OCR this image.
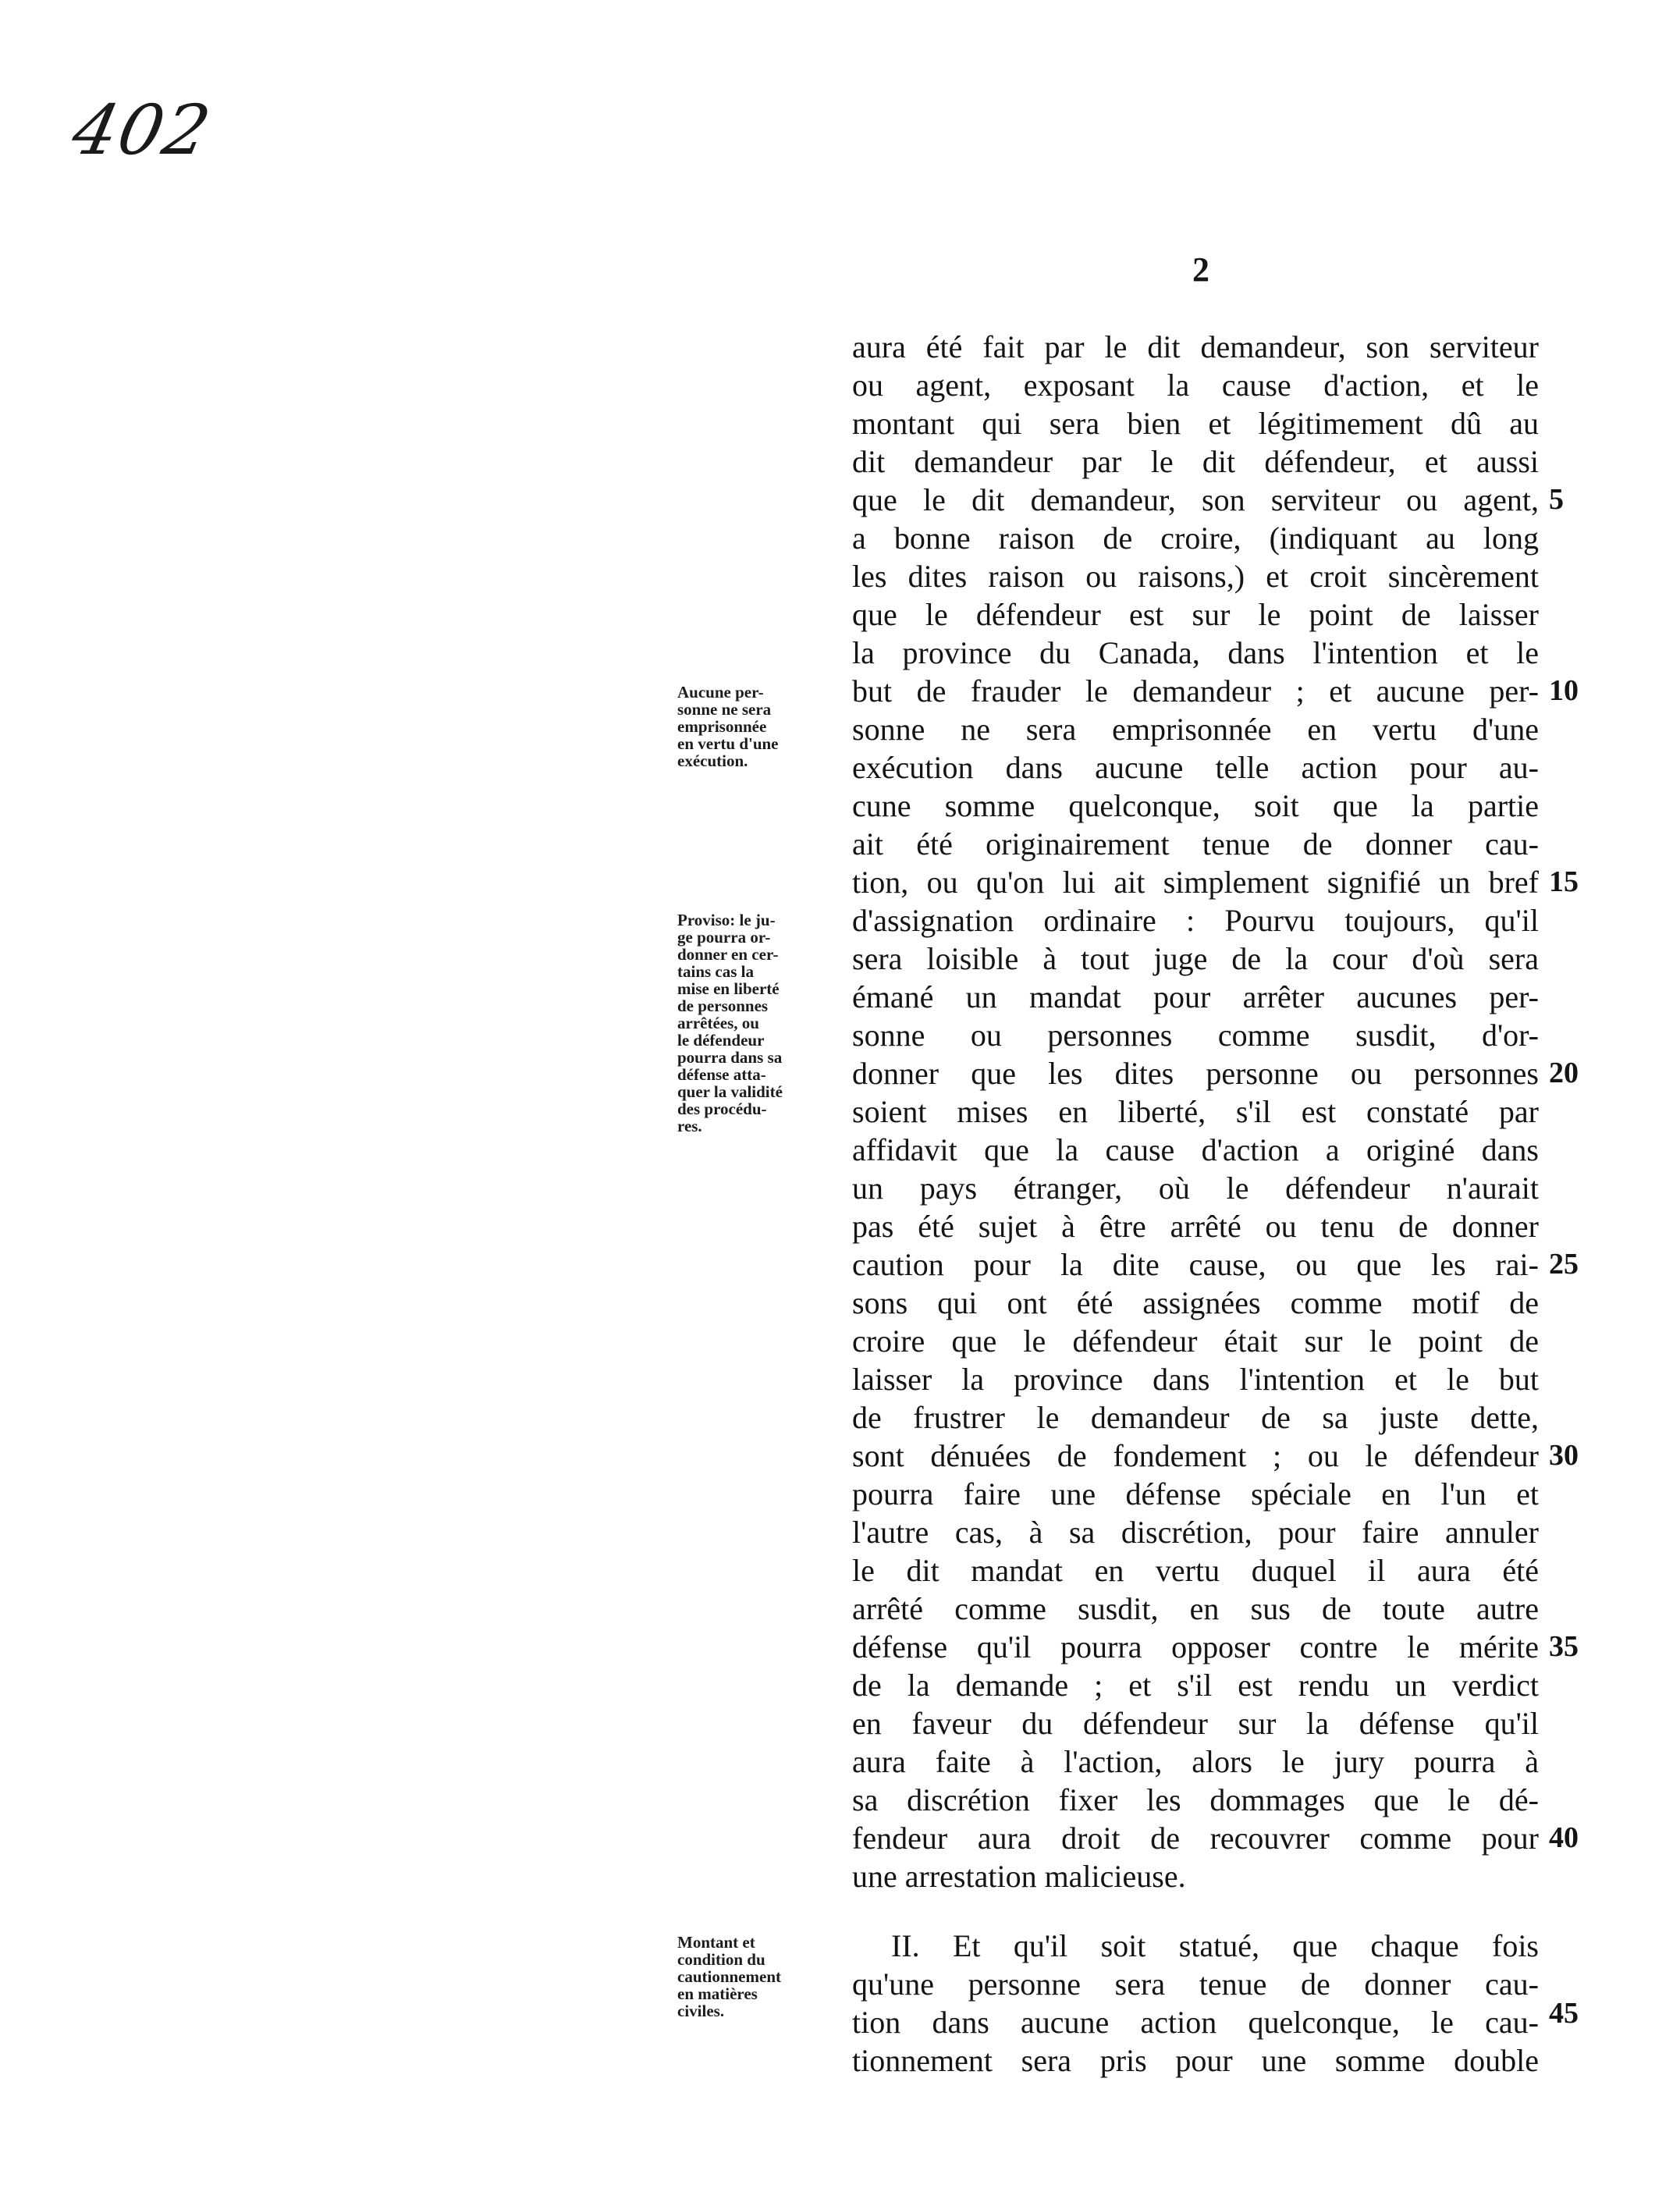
402
2
aura été fait par le dit demandeur, son serviteur
ou agent, exposant la cause d'action, et le
montant qui sera bien et légitimement dû au
dit demandeur par le dit défendeur, et aussi
que le dit demandeur, son serviteur ou agent,
a bonne raison de croire, (indiquant au long
les dites raison ou raisons,) et croit sincèrement
que le défendeur est sur le point de laisser
la province du Canada, dans l'intention et le
but de frauder le demandeur ; et aucune per-
sonne ne sera emprisonnée en vertu d'une
exécution dans aucune telle action pour au-
cune somme quelconque, soit que la partie
ait été originairement tenue de donner cau-
tion, ou qu'on lui ait simplement signifié un bref
d'assignation ordinaire : Pourvu toujours, qu'il
sera loisible à tout juge de la cour d'où sera
émané un mandat pour arrêter aucunes per-
sonne ou personnes comme susdit, d'or-
donner que les dites personne ou personnes
soient mises en liberté, s'il est constaté par
affidavit que la cause d'action a originé dans
un pays étranger, où le défendeur n'aurait
pas été sujet à être arrêté ou tenu de donner
caution pour la dite cause, ou que les rai-
sons qui ont été assignées comme motif de
croire que le défendeur était sur le point de
laisser la province dans l'intention et le but
de frustrer le demandeur de sa juste dette,
sont dénuées de fondement ; ou le défendeur
pourra faire une défense spéciale en l'un et
l'autre cas, à sa discrétion, pour faire annuler
le dit mandat en vertu duquel il aura été
arrêté comme susdit, en sus de toute autre
défense qu'il pourra opposer contre le mérite
de la demande ; et s'il est rendu un verdict
en faveur du défendeur sur la défense qu'il
aura faite à l'action, alors le jury pourra à
sa discrétion fixer les dommages que le dé-
fendeur aura droit de recouvrer comme pour
une arrestation malicieuse.
II. Et qu'il soit statué, que chaque fois
qu'une personne sera tenue de donner cau-
tion dans aucune action quelconque, le cau-
tionnement sera pris pour une somme double
5
10
15
20
25
30
35
40
45
Aucune per-
sonne ne sera
emprisonnée
en vertu d'une
exécution.
Proviso: le ju-
ge pourra or-
donner en cer-
tains cas la
mise en liberté
de personnes
arrêtées, ou
le défendeur
pourra dans sa
défense atta-
quer la validité
des procédu-
res.
Montant et
condition du
cautionnement
en matières
civiles.
